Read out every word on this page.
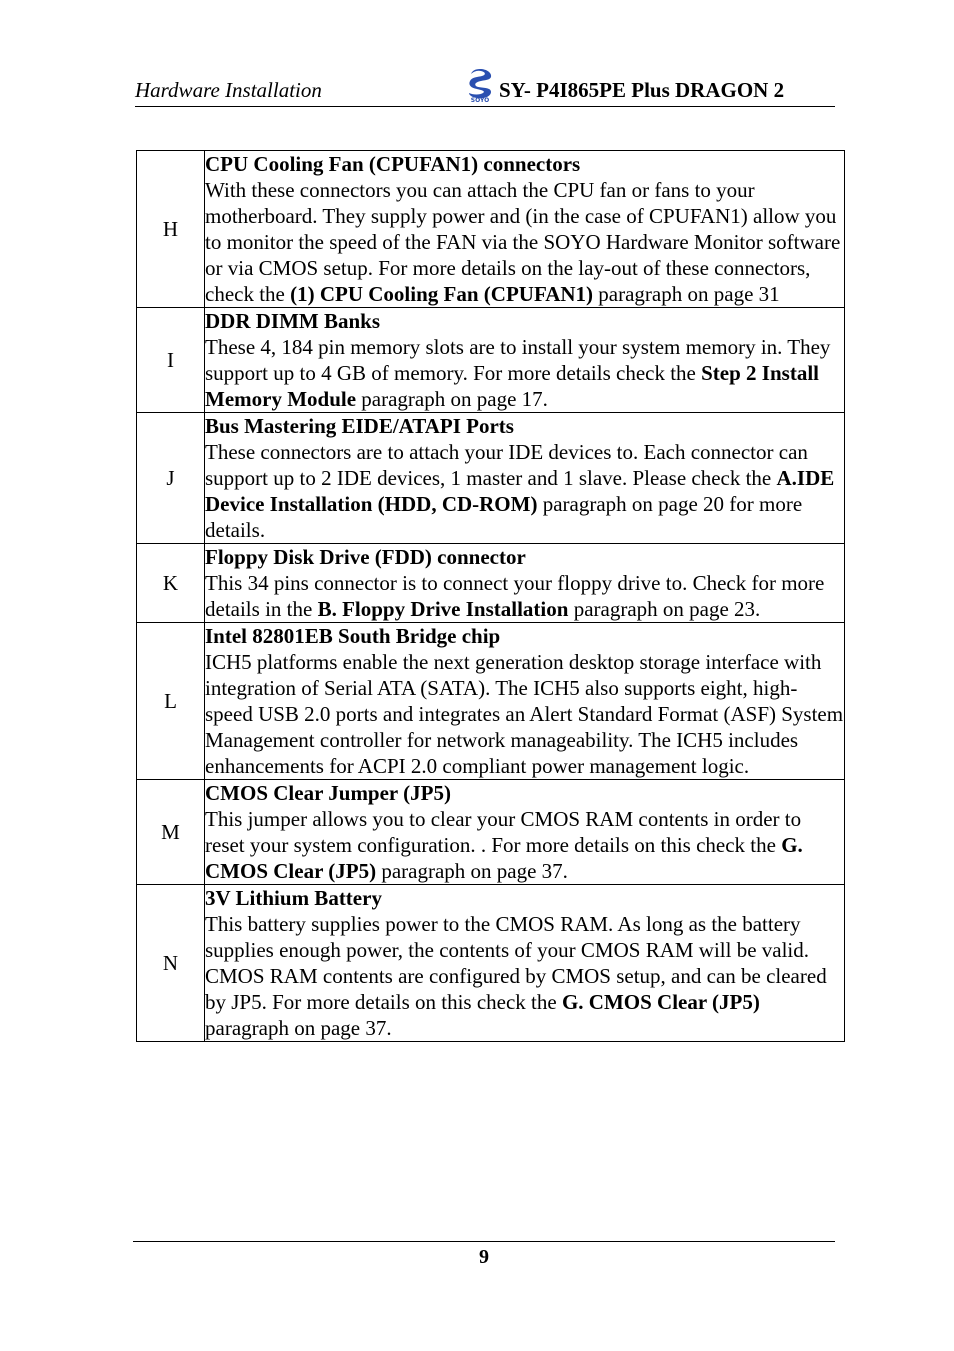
Hardware Installation	SOYO SY- P4I865PE Plus DRAGON 2
H	CPU Cooling Fan (CPUFAN1) connectors
With these connectors you can attach the CPU fan or fans to your motherboard. They supply power and (in the case of CPUFAN1) allow you to monitor the speed of the FAN via the SOYO Hardware Monitor software or via CMOS setup. For more details on the lay-out of these connectors, check the (1) CPU Cooling Fan (CPUFAN1) paragraph on page 31

I	DDR DIMM Banks
These 4, 184 pin memory slots are to install your system memory in. They support up to 4 GB of memory. For more details check the Step 2 Install Memory Module paragraph on page 17.

J	Bus Mastering EIDE/ATAPI Ports
These connectors are to attach your IDE devices to. Each connector can support up to 2 IDE devices, 1 master and 1 slave. Please check the A.IDE Device Installation (HDD, CD-ROM) paragraph on page 20 for more details.

K	Floppy Disk Drive (FDD) connector
This 34 pins connector is to connect your floppy drive to. Check for more details in the B. Floppy Drive Installation paragraph on page 23.

L	Intel 82801EB South Bridge chip
ICH5 platforms enable the next generation desktop storage interface with integration of Serial ATA (SATA). The ICH5 also supports eight, high-speed USB 2.0 ports and integrates an Alert Standard Format (ASF) System Management controller for network manageability. The ICH5 includes enhancements for ACPI 2.0 compliant power management logic.

M	CMOS Clear Jumper (JP5)
This jumper allows you to clear your CMOS RAM contents in order to reset your system configuration. . For more details on this check the G. CMOS Clear (JP5) paragraph on page 37.

N	3V Lithium Battery
This battery supplies power to the CMOS RAM. As long as the battery supplies enough power, the contents of your CMOS RAM will be valid. CMOS RAM contents are configured by CMOS setup, and can be cleared by JP5. For more details on this check the G. CMOS Clear (JP5) paragraph on page 37.
9
